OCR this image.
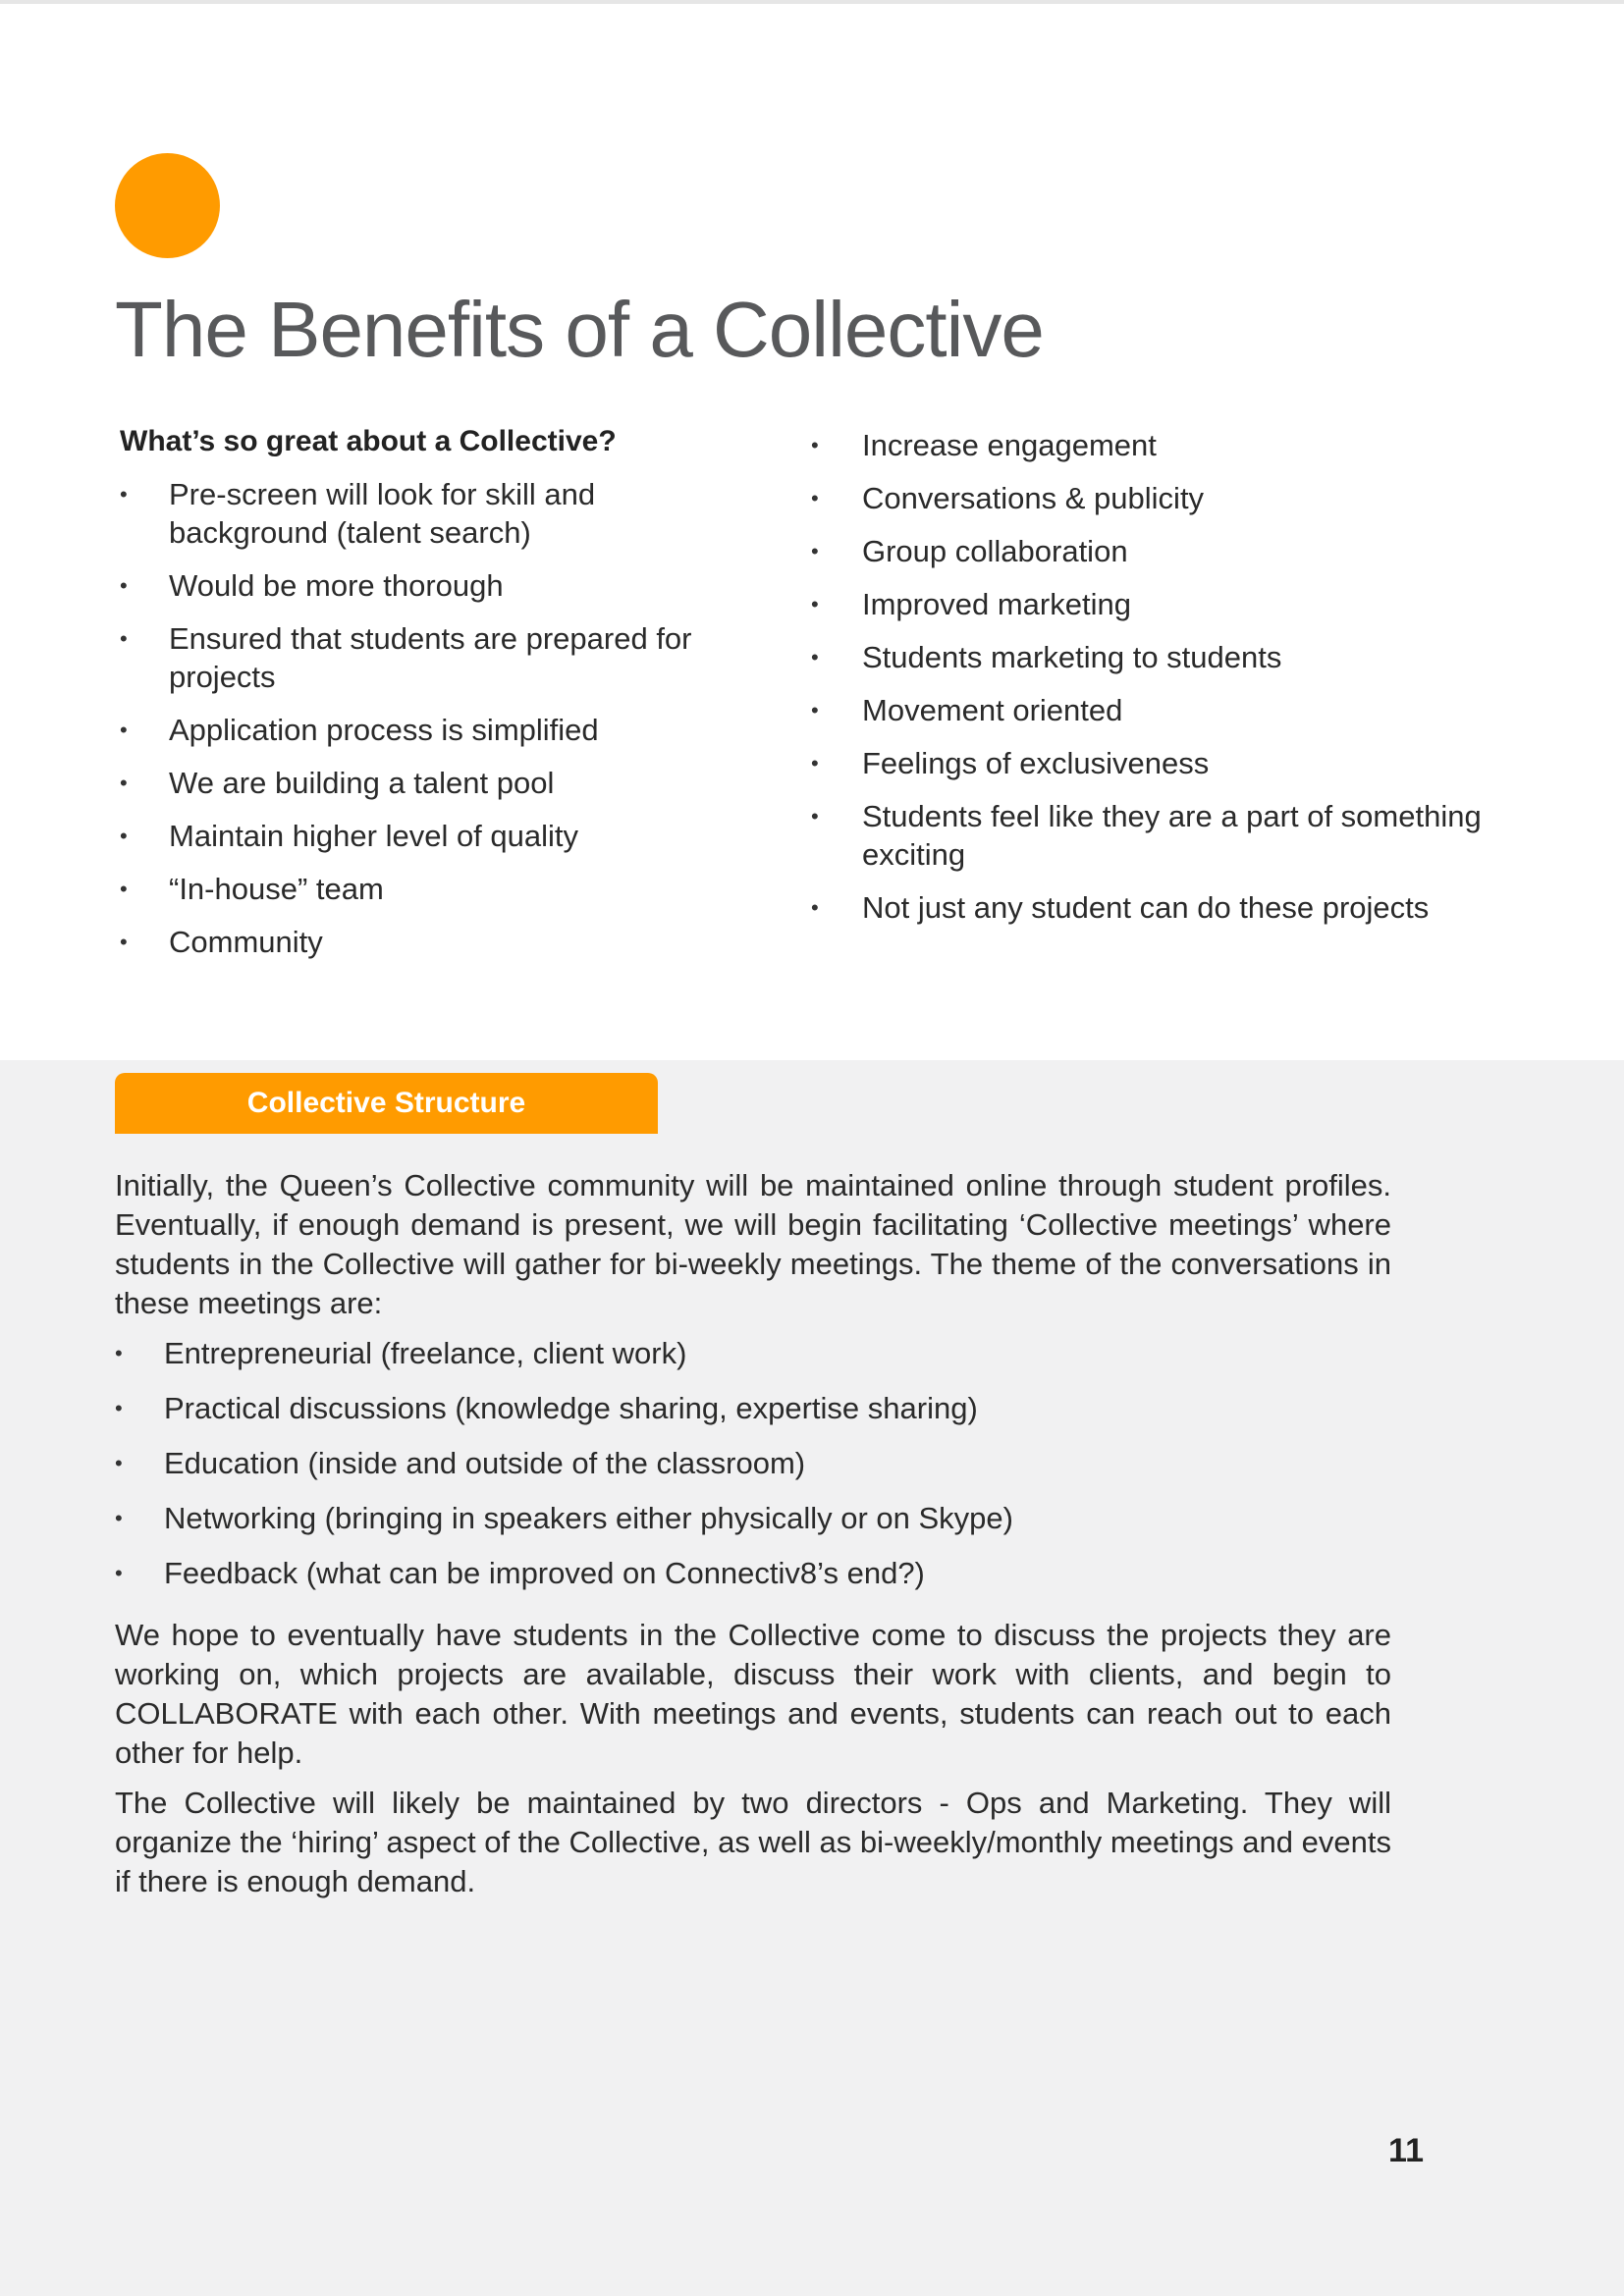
The Benefits of a Collective

What’s so great about a Collective?

•	Pre-screen will look for skill and background (talent search)
•	Would be more thorough
•	Ensured that students are prepared for projects
•	Application process is simplified
•	We are building a talent pool
•	Maintain higher level of quality
•	“In-house” team
•	Community
•	Increase engagement
•	Conversations & publicity
•	Group collaboration
•	Improved marketing
•	Students marketing to students
•	Movement oriented
•	Feelings of exclusiveness
•	Students feel like they are a part of something exciting
•	Not just any student can do these projects
Collective Structure

Initially, the Queen’s Collective community will be maintained online through student profiles. Eventually, if enough demand is present, we will begin facilitating ‘Collective meetings’ where students in the Collective will gather for bi-weekly meetings. The theme of the conversations in these meetings are:

•	Entrepreneurial (freelance, client work)
•	Practical discussions (knowledge sharing, expertise sharing)
•	Education (inside and outside of the classroom)
•	Networking (bringing in speakers either physically or on Skype)
•	Feedback (what can be improved on Connectiv8’s end?)

We hope to eventually have students in the Collective come to discuss the projects they are working on, which projects are available, discuss their work with clients, and begin to COLLABORATE with each other. With meetings and events, students can reach out to each other for help.

The Collective will likely be maintained by two directors - Ops and Marketing. They will organize the ‘hiring’ aspect of the Collective, as well as bi-weekly/monthly meetings and events if there is enough demand.

11
